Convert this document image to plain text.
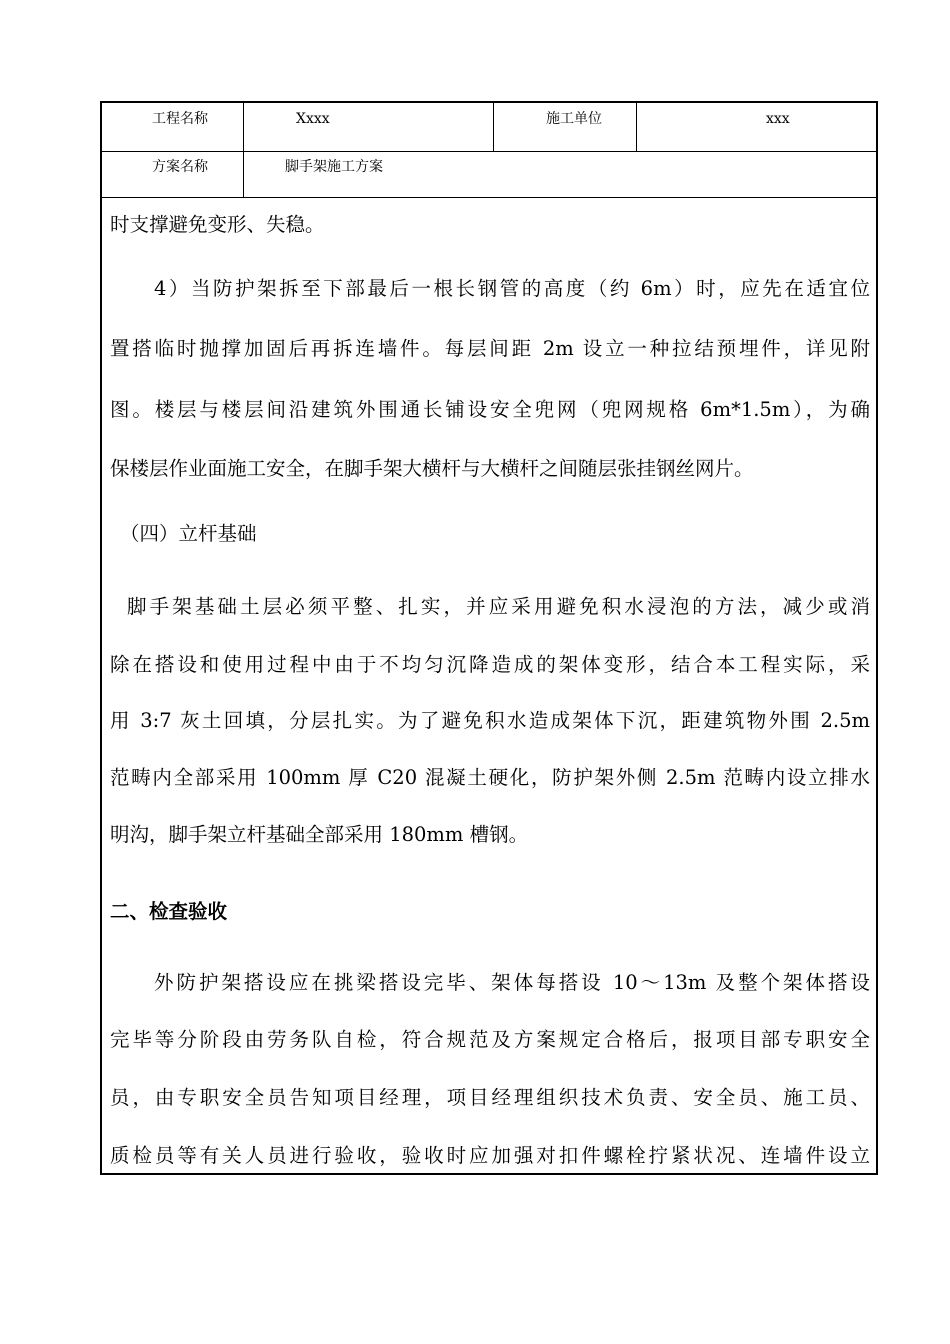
工程名称	Xxxx	施工单位	xxx
方案名称	脚手架施工方案
时支撑避免变形、失稳。
4）当防护架拆至下部最后一根长钢管的高度（约 6m）时，应先在适宜位
置搭临时抛撑加固后再拆连墙件。每层间距 2m 设立一种拉结预埋件，详见附
图。楼层与楼层间沿建筑外围通长铺设安全兜网（兜网规格 6m*1.5m），为确
保楼层作业面施工安全，在脚手架大横杆与大横杆之间随层张挂钢丝网片。
（四）立杆基础
脚手架基础土层必须平整、扎实，并应采用避免积水浸泡的方法，减少或消
除在搭设和使用过程中由于不均匀沉降造成的架体变形，结合本工程实际，采
用 3:7 灰土回填，分层扎实。为了避免积水造成架体下沉，距建筑物外围 2.5m
范畴内全部采用 100mm 厚 C20 混凝土硬化，防护架外侧 2.5m 范畴内设立排水
明沟，脚手架立杆基础全部采用 180mm 槽钢。
二、检查验收
外防护架搭设应在挑梁搭设完毕、架体每搭设 10～13m 及整个架体搭设
完毕等分阶段由劳务队自检，符合规范及方案规定合格后，报项目部专职安全
员，由专职安全员告知项目经理，项目经理组织技术负责、安全员、施工员、
质检员等有关人员进行验收，验收时应加强对扣件螺栓拧紧状况、连墙件设立
